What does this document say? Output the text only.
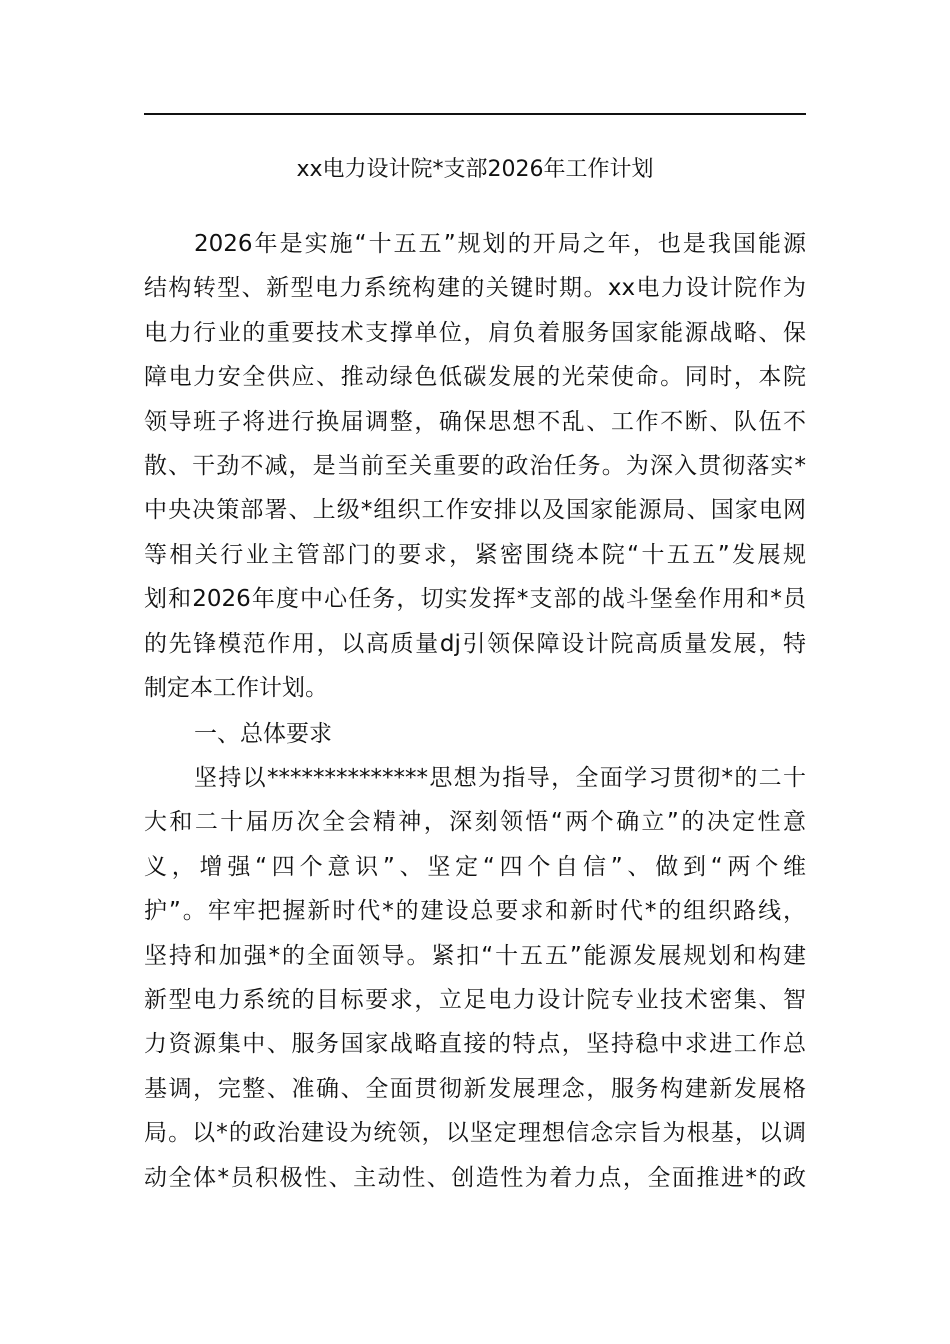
xx电力设计院*支部2026年工作计划
2026年是实施“十五五”规划的开局之年，也是我国能源
结构转型、新型电力系统构建的关键时期。xx电力设计院作为
电力行业的重要技术支撑单位，肩负着服务国家能源战略、保
障电力安全供应、推动绿色低碳发展的光荣使命。同时，本院
领导班子将进行换届调整，确保思想不乱、工作不断、队伍不
散、干劲不减，是当前至关重要的政治任务。为深入贯彻落实*
中央决策部署、上级*组织工作安排以及国家能源局、国家电网
等相关行业主管部门的要求，紧密围绕本院“十五五”发展规
划和2026年度中心任务，切实发挥*支部的战斗堡垒作用和*员
的先锋模范作用，以高质量dj引领保障设计院高质量发展，特
制定本工作计划。
一、总体要求
坚持以**************思想为指导，全面学习贯彻*的二十
大和二十届历次全会精神，深刻领悟“两个确立”的决定性意
义，增强“四个意识”、坚定“四个自信”、做到“两个维
护”。牢牢把握新时代*的建设总要求和新时代*的组织路线，
坚持和加强*的全面领导。紧扣“十五五”能源发展规划和构建
新型电力系统的目标要求，立足电力设计院专业技术密集、智
力资源集中、服务国家战略直接的特点，坚持稳中求进工作总
基调，完整、准确、全面贯彻新发展理念，服务构建新发展格
局。以*的政治建设为统领，以坚定理想信念宗旨为根基，以调
动全体*员积极性、主动性、创造性为着力点，全面推进*的政
